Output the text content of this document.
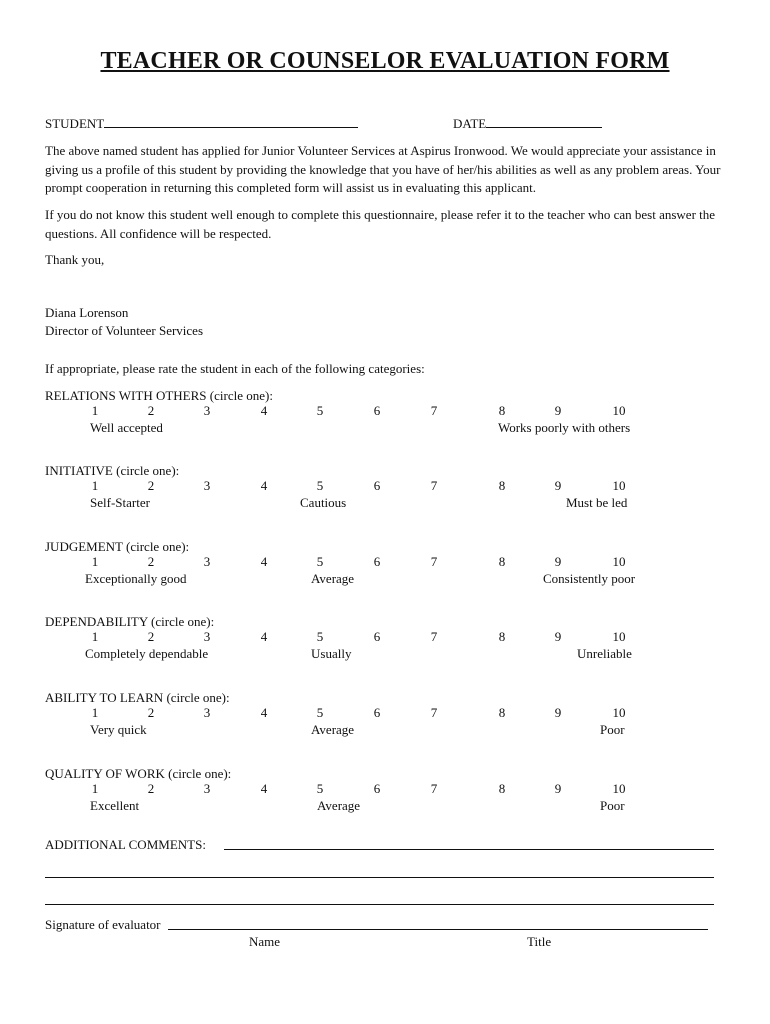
TEACHER OR COUNSELOR EVALUATION FORM
STUDENT	DATE
The above named student has applied for Junior Volunteer Services at Aspirus Ironwood. We would appreciate your assistance in giving us a profile of this student by providing the knowledge that you have of her/his abilities as well as any problem areas. Your prompt cooperation in returning this completed form will assist us in evaluating this applicant.
If you do not know this student well enough to complete this questionnaire, please refer it to the teacher who can best answer the questions. All confidence will be respected.
Thank you,
Diana Lorenson
Director of Volunteer Services
If appropriate, please rate the student in each of the following categories:
RELATIONS WITH OTHERS (circle one):
1	2	3	4	5	6	7	8	9	10
Well accepted	Works poorly with others
INITIATIVE (circle one):
1	2	3	4	5	6	7	8	9	10
Self-Starter	Cautious	Must be led
JUDGEMENT (circle one):
1	2	3	4	5	6	7	8	9	10
Exceptionally good	Average	Consistently poor
DEPENDABILITY (circle one):
1	2	3	4	5	6	7	8	9	10
Completely dependable	Usually	Unreliable
ABILITY TO LEARN (circle one):
1	2	3	4	5	6	7	8	9	10
Very quick	Average	Poor
QUALITY OF WORK (circle one):
1	2	3	4	5	6	7	8	9	10
Excellent	Average	Poor
ADDITIONAL COMMENTS:
Signature of evaluator
Name	Title
